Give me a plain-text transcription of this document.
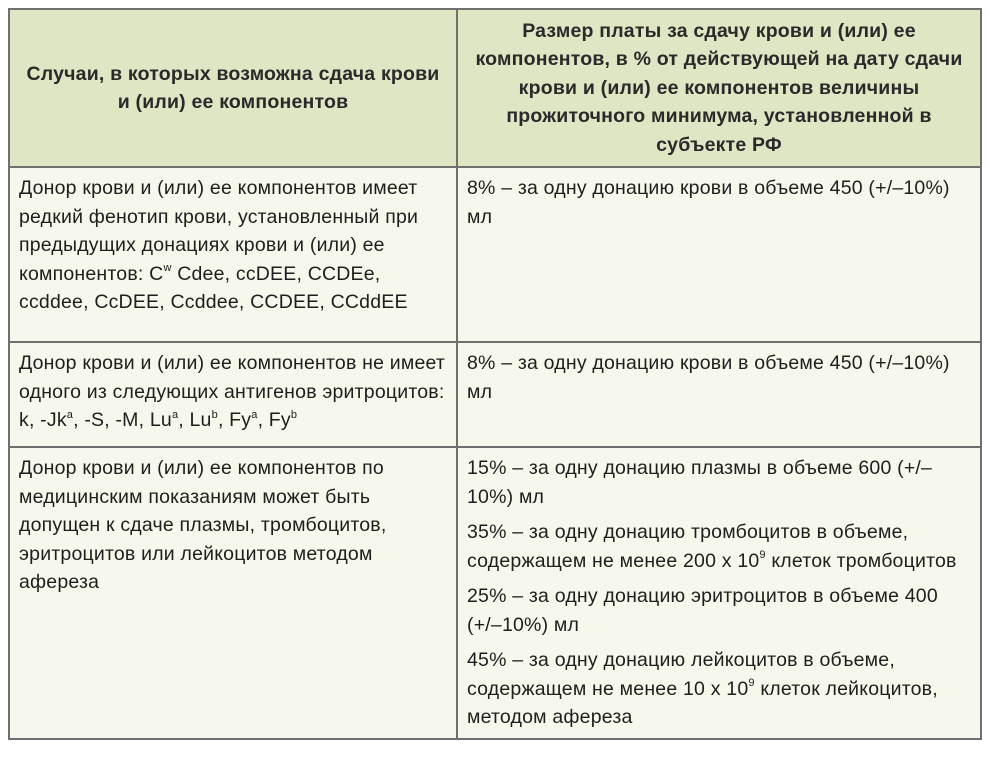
Случаи, в которых возможна сдача крови и (или) ее компонентов	Размер платы за сдачу крови и (или) ее компонентов, в % от действующей на дату сдачи крови и (или) ее компонентов величины прожиточного минимума, установленной в субъекте РФ
Донор крови и (или) ее компонентов имеет редкий фенотип крови, установленный при предыдущих донациях крови и (или) ее компонентов: $С^w$ Cdee, ccDEE, CCDEe, ccddee, CcDEE, Ccddee, CCDEE, CCddEE	8% – за одну донацию крови в объеме 450 (+/–10%) мл

Донор крови и (или) ее компонентов не имеет одного из следующих антигенов эритроцитов: k, -Jk$^a$, -S, -M, Lu$^a$, Lu$^b$, Fy$^a$, Fy$^b$	8% – за одну донацию крови в объеме 450 (+/–10%) мл

Донор крови и (или) ее компонентов по медицинским показаниям может быть допущен к сдаче плазмы, тромбоцитов, эритроцитов или лейкоцитов методом афереза	15% – за одну донацию плазмы в объеме 600 (+/–10%) мл

35% – за одну донацию тромбоцитов в объеме, содержащем не менее 200 х $10^9$ клеток тромбоцитов

25% – за одну донацию эритроцитов в объеме 400 (+/–10%) мл

45% – за одну донацию лейкоцитов в объеме, содержащем не менее 10 х $10^9$ клеток лейкоцитов, методом афереза
